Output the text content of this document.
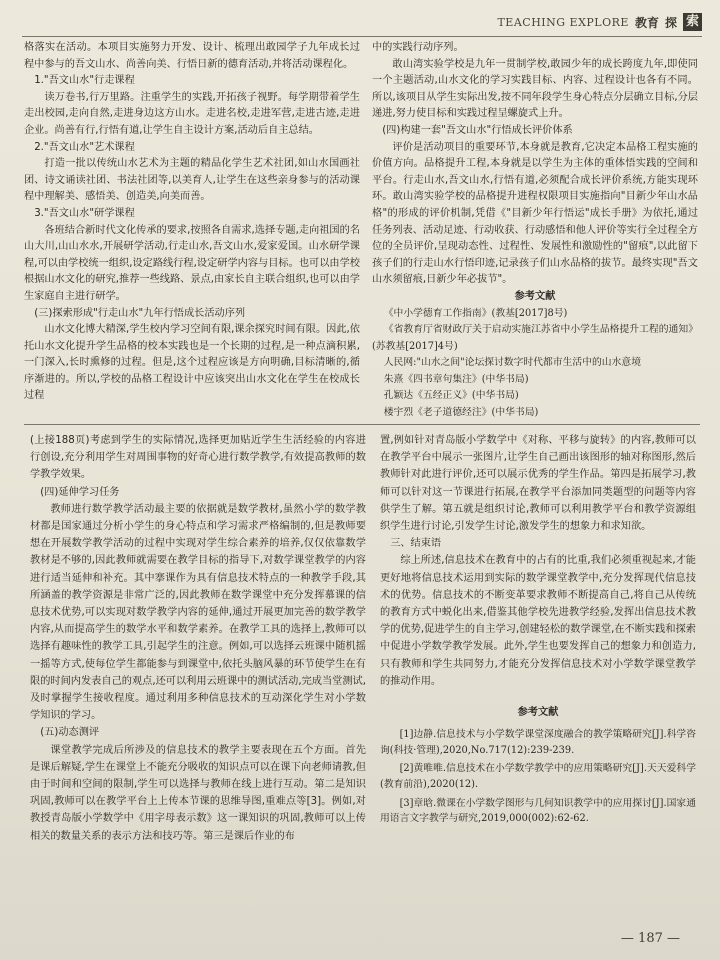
TEACHING EXPLORE 教育 探 索

格落实在活动。本项目实施努力开发、设计、梳理出敢园学子九年成长过程中参与的吾文山水、尚善向美、行悟日新的德育活动,并将活动课程化。

1."吾文山水"行走课程

读万卷书,行万里路。注重学生的实践,开拓孩子视野。每学期带着学生走出校园,走向自然,走进身边这方山水。走进名校,走进军营,走进古迹,走进企业。尚善有行,行悟有道,让学生自主设计方案,活动后自主总结。

2."吾文山水"艺术课程

打造一批以传统山水艺术为主题的精品化学生艺术社团,如山水国画社团、诗文诵读社团、书法社团等,以美育人,让学生在这些亲身参与的活动课程中理解美、感悟美、创造美,向美而善。

3."吾文山水"研学课程

各班结合新时代文化传承的要求,按照各自需求,选择专题,走向祖国的名山大川,山山水水,开展研学活动,行走山水,吾文山水,爱家爱国。山水研学课程,可以由学校统一组织,设定路线行程,设定研学内容与目标。也可以由学校根据山水文化的研究,推荐一些线路、景点,由家长自主联合组织,也可以由学生家庭自主进行研学。

(三)探索形成"行走山水"九年行悟成长活动序列

山水文化博大精深,学生校内学习空间有限,课余探究时间有限。因此,依托山水文化提升学生品格的校本实践也是一个长期的过程,是一种点滴积累,一门深入,长时熏修的过程。但是,这个过程应该是方向明确,目标清晰的,循序渐进的。所以,学校的品格工程设计中应该突出山水文化在学生在校成长过程

中的实践行动序列。

敢山湾实验学校是九年一贯制学校,敢园少年的成长跨度九年,即使同一个主题活动,山水文化的学习实践目标、内容、过程设计也各有不同。所以,该项目从学生实际出发,按不同年段学生身心特点分层确立目标,分层递进,努力使目标和实践过程呈螺旋式上升。

(四)构建一套"吾文山水"行悟成长评价体系

评价是活动项目的重要环节,本身就是教育,它决定本品格工程实施的价值方向。品格提升工程,本身就是以学生为主体的重体悟实践的空间和平台。行走山水,吾文山水,行悟有道,必须配合成长评价系统,方能实现环环。敢山湾实验学校的品格提升进程权限项目实施指向"目新少年山水品格"的形成的评价机制,凭借《"目新少年行悟运"成长手册》为依托,通过任务列表、活动足迹、行动收获、行动感悟和他人评价等实行全过程全方位的全员评价,呈现动态性、过程性、发展性和激励性的"留痕",以此留下孩子们的行走山水行悟印迹,记录孩子们山水品格的拔节。最终实现"吾文山水须留痕,日新少年必拔节"。

参考文献

《中小学德育工作指南》(教基[2017]8号)

《省教育厅省财政厅关于启动实施江苏省中小学生品格提升工程的通知》(苏教基[2017]4号)

人民网:"山水之间"论坛探讨数字时代都市生活中的山水意境

朱熹《四书章句集注》(中华书局)

孔颖达《五经正义》(中华书局)

楼宇烈《老子道德经注》(中华书局)

(上接188页)考虑到学生的实际情况,选择更加贴近学生生活经验的内容进行创设,充分利用学生对周围事物的好奇心进行数学教学,有效提高教师的数学教学效果。

(四)延伸学习任务

教师进行数学教学活动最主要的依据就是数学教材,虽然小学的数学教材都是国家通过分析小学生的身心特点和学习需求严格编制的,但是教师要想在开展数学教学活动的过程中实现对学生综合素养的培养,仅仅依靠数学教材是不够的,因此教师就需要在教学目标的指导下,对数学课堂教学的内容进行适当延伸和补充。其中搴课作为具有信息技术特点的一种教学手段,其所涵盖的教学资源是非常广泛的,因此教师在数学课堂中充分发挥慕课的信息技术优势,可以实现对数学教学内容的延伸,通过开展更加完善的数学教学内容,从而提高学生的数学水平和数学素养。在教学工具的选择上,教师可以选择有趣味性的教学工具,引起学生的注意。例如,可以选择云班课中随机摇一摇等方式,使每位学生都能参与到课堂中,依托头脑风暴的环节使学生在有限的时间内发表自己的观点,还可以利用云班课中的测试活动,完成当堂测试,及时掌握学生接收程度。通过利用多种信息技术的互动深化学生对小学数学知识的学习。

(五)动态测评

课堂教学完成后所涉及的信息技术的教学主要表现在五个方面。首先是课后解疑,学生在课堂上不能充分吸收的知识点可以在课下向老师请教,但由于时间和空间的限制,学生可以选择与教师在线上进行互动。第二是知识巩固,教师可以在教学平台上上传本节课的思维导图,重难点等[3]。例如,对教授青岛版小学数学中《用字母表示数》这一课知识的巩固,教师可以上传相关的数量关系的表示方法和技巧等。第三是课后作业的布

置,例如针对青岛版小学数学中《对称、平移与旋转》的内容,教师可以在教学平台中展示一张图片,让学生自己画出该图形的轴对称图形,然后教师针对此进行评价,还可以展示优秀的学生作品。第四是拓展学习,教师可以针对这一节课进行拓展,在教学平台添加同类题型的问题等内容供学生了解。第五就是组织讨论,教师可以利用教学平台和教学资源组织学生进行讨论,引发学生讨论,激发学生的想象力和求知欲。

三、结束语

综上所述,信息技术在教育中的占有的比重,我们必须重视起来,才能更好地将信息技术运用到实际的数学课堂教学中,充分发挥现代信息技术的优势。信息技术的不断变革要求教师不断提高自己,将自己从传统的教育方式中蜕化出来,借鉴其他学校先进教学经验,发挥出信息技术教学的优势,促进学生的自主学习,创建轻松的数学课堂,在不断实践和探索中促进小学数学教学发展。此外,学生也要发挥自己的想象力和创造力,只有教师和学生共同努力,才能充分发挥信息技术对小学数学课堂教学的推动作用。

参考文献

[1]边静.信息技术与小学数学课堂深度融合的教学策略研究[J].科学咨询(科技·管理),2020,No.717(12):239-239.

[2]黄唯唯.信息技术在小学数学教学中的应用策略研究[J].天天爱科学(教育前沿),2020(12).

[3]章晗.微课在小学数学图形与几何知识教学中的应用探讨[J].国家通用语言文字教学与研究,2019,000(002):62-62.

— 187 —
